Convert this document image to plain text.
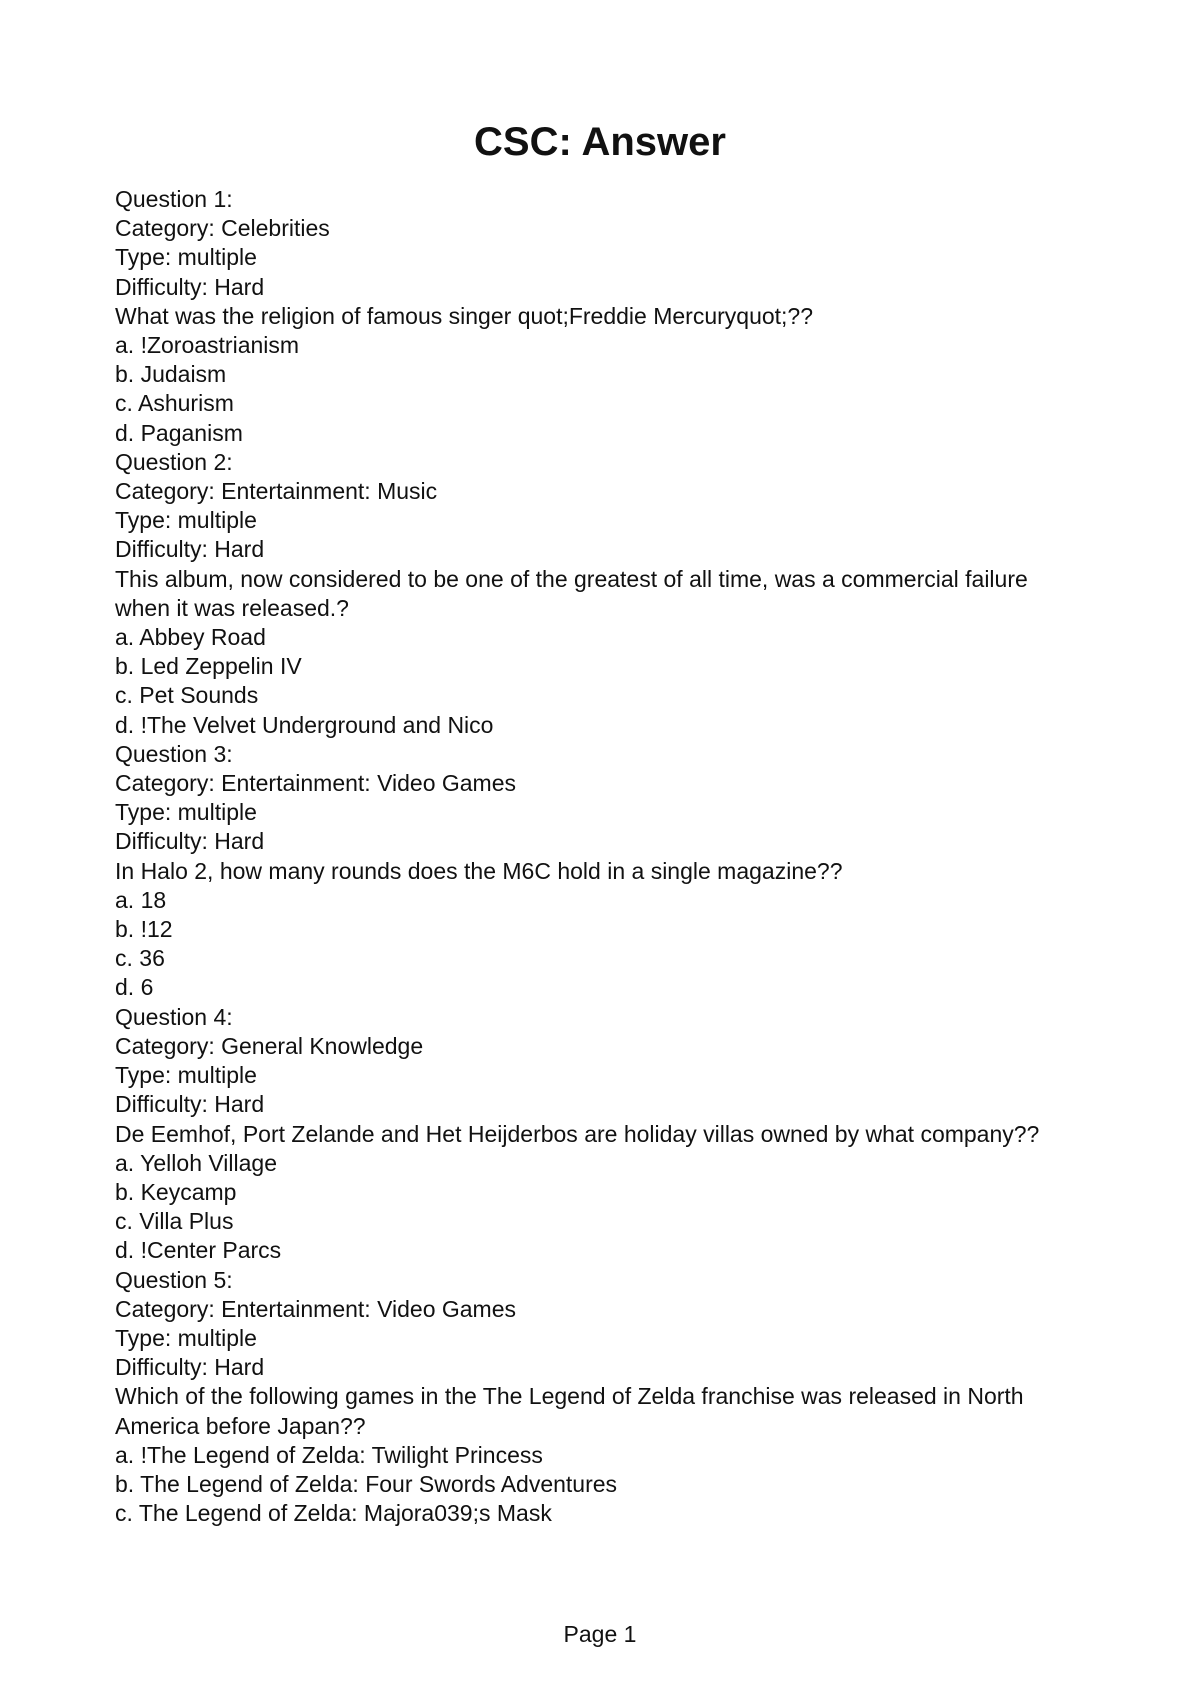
CSC: Answer
Question 1:
Category: Celebrities
Type: multiple
Difficulty: Hard
What was the religion of famous singer quot;Freddie Mercuryquot;??
a. !Zoroastrianism
b. Judaism
c. Ashurism
d. Paganism
Question 2:
Category: Entertainment: Music
Type: multiple
Difficulty: Hard
This album, now considered to be one of the greatest of all time, was a commercial failure when it was released.?
a. Abbey Road
b. Led Zeppelin IV
c. Pet Sounds
d. !The Velvet Underground and Nico
Question 3:
Category: Entertainment: Video Games
Type: multiple
Difficulty: Hard
In Halo 2, how many rounds does the M6C hold in a single magazine??
a. 18
b. !12
c. 36
d. 6
Question 4:
Category: General Knowledge
Type: multiple
Difficulty: Hard
De Eemhof, Port Zelande and Het Heijderbos are holiday villas owned by what company??
a. Yelloh Village
b. Keycamp
c. Villa Plus
d. !Center Parcs
Question 5:
Category: Entertainment: Video Games
Type: multiple
Difficulty: Hard
Which of the following games in the The Legend of Zelda franchise was released in North America before Japan??
a. !The Legend of Zelda: Twilight Princess
b. The Legend of Zelda: Four Swords Adventures
c. The Legend of Zelda: Majora039;s Mask
Page 1
